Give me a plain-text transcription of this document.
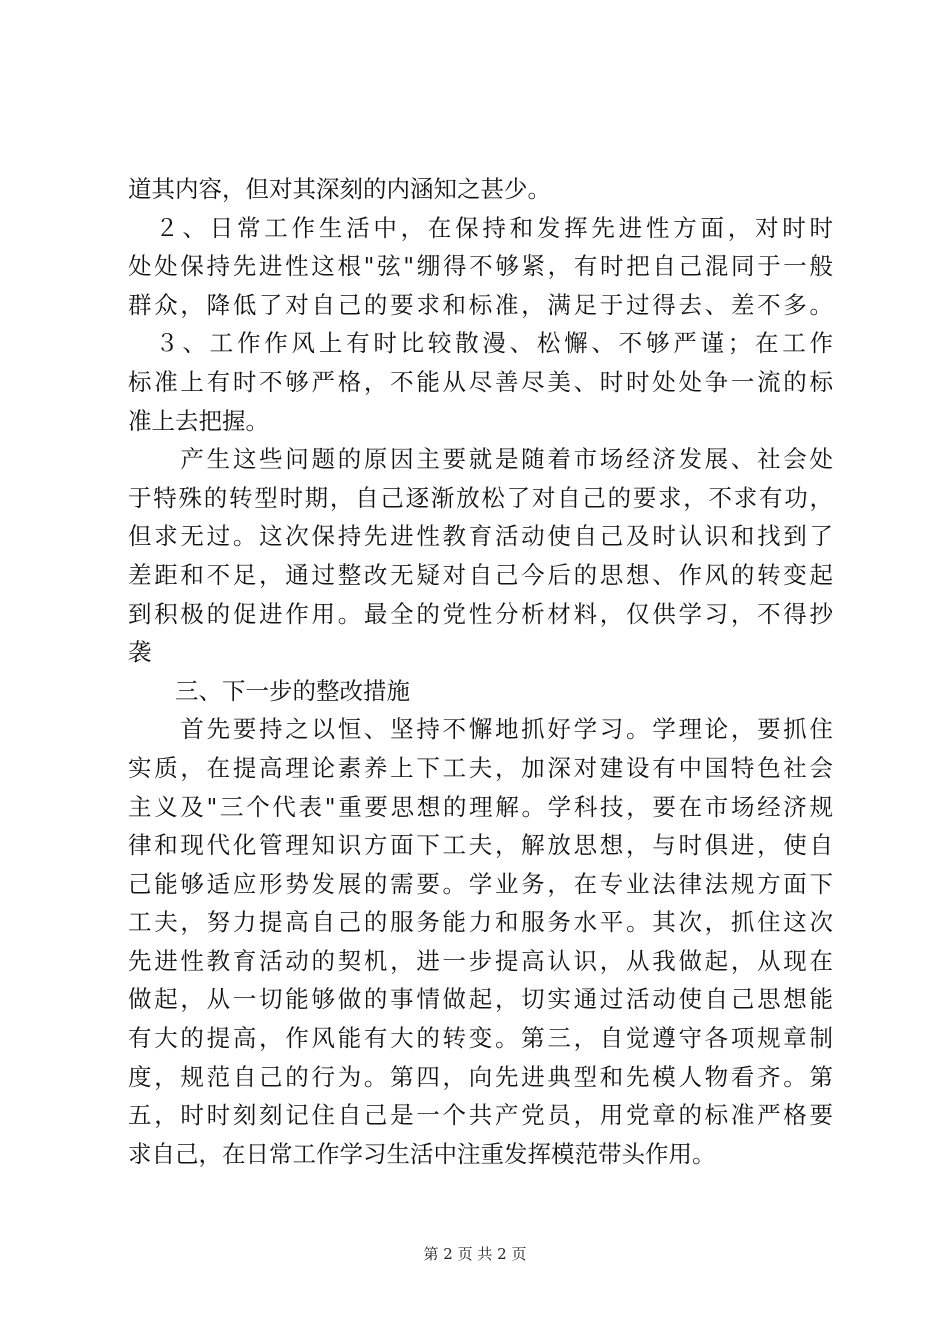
道其内容，但对其深刻的内涵知之甚少。
　２、日常工作生活中，在保持和发挥先进性方面，对时时
处处保持先进性这根"弦"绷得不够紧，有时把自己混同于一般
群众，降低了对自己的要求和标准，满足于过得去、差不多。
　３、工作作风上有时比较散漫、松懈、不够严谨；在工作
标准上有时不够严格，不能从尽善尽美、时时处处争一流的标
准上去把握。
　　产生这些问题的原因主要就是随着市场经济发展、社会处
于特殊的转型时期，自己逐渐放松了对自己的要求，不求有功，
但求无过。这次保持先进性教育活动使自己及时认识和找到了
差距和不足，通过整改无疑对自己今后的思想、作风的转变起
到积极的促进作用。最全的党性分析材料，仅供学习，不得抄
袭
　　三、下一步的整改措施
　　首先要持之以恒、坚持不懈地抓好学习。学理论，要抓住
实质，在提高理论素养上下工夫，加深对建设有中国特色社会
主义及"三个代表"重要思想的理解。学科技，要在市场经济规
律和现代化管理知识方面下工夫，解放思想，与时俱进，使自
己能够适应形势发展的需要。学业务，在专业法律法规方面下
工夫，努力提高自己的服务能力和服务水平。其次，抓住这次
先进性教育活动的契机，进一步提高认识，从我做起，从现在
做起，从一切能够做的事情做起，切实通过活动使自己思想能
有大的提高，作风能有大的转变。第三，自觉遵守各项规章制
度，规范自己的行为。第四，向先进典型和先模人物看齐。第
五，时时刻刻记住自己是一个共产党员，用党章的标准严格要
求自己，在日常工作学习生活中注重发挥模范带头作用。
第 2 页 共 2 页
